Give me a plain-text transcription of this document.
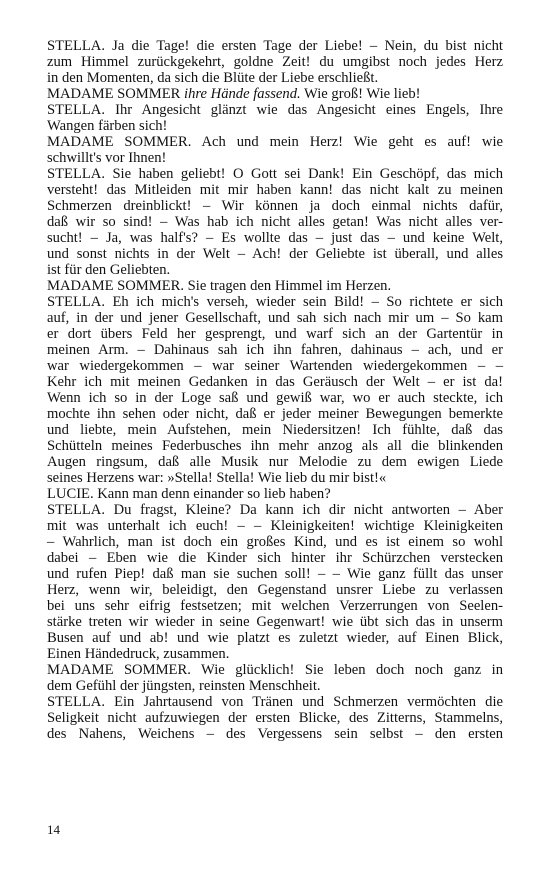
STELLA. Ja die Tage! die ersten Tage der Liebe! – Nein, du bist nicht
zum Himmel zurückgekehrt, goldne Zeit! du umgibst noch jedes Herz
in den Momenten, da sich die Blüte der Liebe erschließt.
MADAME SOMMER ihre Hände fassend. Wie groß! Wie lieb!
STELLA. Ihr Angesicht glänzt wie das Angesicht eines Engels, Ihre
Wangen färben sich!
MADAME SOMMER. Ach und mein Herz! Wie geht es auf! wie
schwillt's vor Ihnen!
STELLA. Sie haben geliebt! O Gott sei Dank! Ein Geschöpf, das mich
versteht! das Mitleiden mit mir haben kann! das nicht kalt zu meinen
Schmerzen dreinblickt! – Wir können ja doch einmal nichts dafür,
daß wir so sind! – Was hab ich nicht alles getan! Was nicht alles ver-
sucht! – Ja, was half's? – Es wollte das – just das – und keine Welt,
und sonst nichts in der Welt – Ach! der Geliebte ist überall, und alles
ist für den Geliebten.
MADAME SOMMER. Sie tragen den Himmel im Herzen.
STELLA. Eh ich mich's verseh, wieder sein Bild! – So richtete er sich
auf, in der und jener Gesellschaft, und sah sich nach mir um – So kam
er dort übers Feld her gesprengt, und warf sich an der Gartentür in
meinen Arm. – Dahinaus sah ich ihn fahren, dahinaus – ach, und er
war wiedergekommen – war seiner Wartenden wiedergekommen – –
Kehr ich mit meinen Gedanken in das Geräusch der Welt – er ist da!
Wenn ich so in der Loge saß und gewiß war, wo er auch steckte, ich
mochte ihn sehen oder nicht, daß er jeder meiner Bewegungen bemerkte
und liebte, mein Aufstehen, mein Niedersitzen! Ich fühlte, daß das
Schütteln meines Federbusches ihn mehr anzog als all die blinkenden
Augen ringsum, daß alle Musik nur Melodie zu dem ewigen Liede
seines Herzens war: »Stella! Stella! Wie lieb du mir bist!«
LUCIE. Kann man denn einander so lieb haben?
STELLA. Du fragst, Kleine? Da kann ich dir nicht antworten – Aber
mit was unterhalt ich euch! – – Kleinigkeiten! wichtige Kleinigkeiten
– Wahrlich, man ist doch ein großes Kind, und es ist einem so wohl
dabei – Eben wie die Kinder sich hinter ihr Schürzchen verstecken
und rufen Piep! daß man sie suchen soll! – – Wie ganz füllt das unser
Herz, wenn wir, beleidigt, den Gegenstand unsrer Liebe zu verlassen
bei uns sehr eifrig festsetzen; mit welchen Verzerrungen von Seelen-
stärke treten wir wieder in seine Gegenwart! wie übt sich das in unserm
Busen auf und ab! und wie platzt es zuletzt wieder, auf Einen Blick,
Einen Händedruck, zusammen.
MADAME SOMMER. Wie glücklich! Sie leben doch noch ganz in
dem Gefühl der jüngsten, reinsten Menschheit.
STELLA. Ein Jahrtausend von Tränen und Schmerzen vermöchten die
Seligkeit nicht aufzuwiegen der ersten Blicke, des Zitterns, Stammelns,
des Nahens, Weichens – des Vergessens sein selbst – den ersten
14
